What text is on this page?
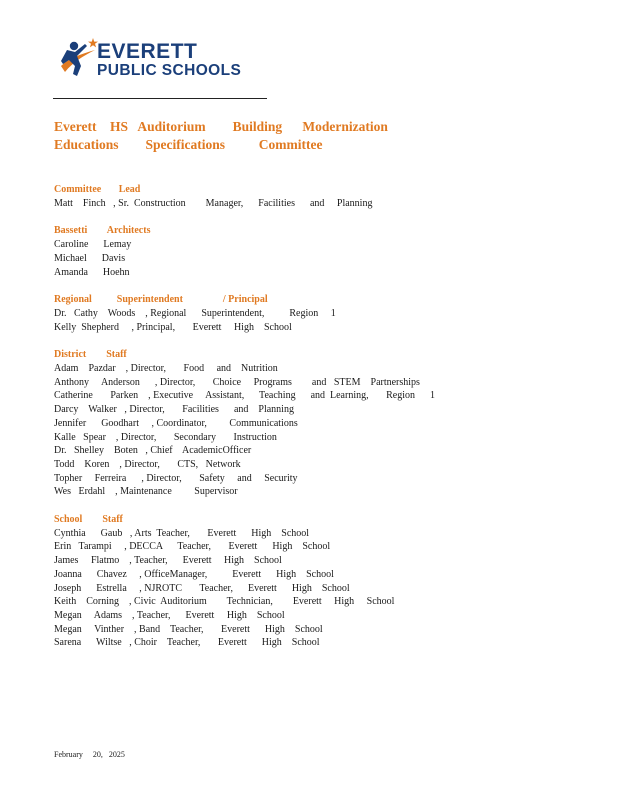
EVERETT
PUBLIC SCHOOLS
Everett    HS   Auditorium        Building      Modernization
Educations        Specifications          Committee
Committee       Lead
Matt    Finch   , Sr.  Construction        Manager,      Facilities      and     Planning
Bassetti        Architects
Caroline      Lemay
Michael      Davis
Amanda      Hoehn
Regional          Superintendent                / Principal
Dr.   Cathy    Woods    , Regional      Superintendent,          Region     1
Kelly  Shepherd     , Principal,       Everett     High    School
District        Staff
Adam    Pazdar    , Director,       Food     and    Nutrition
Anthony     Anderson      , Director,       Choice     Programs        and   STEM    Partnerships
Catherine       Parken    , Executive     Assistant,      Teaching      and  Learning,       Region      1
Darcy    Walker   , Director,       Facilities      and    Planning
Jennifer      Goodhart     , Coordinator,         Communications
Kalle   Spear    , Director,       Secondary       Instruction
Dr.   Shelley    Boten   , Chief    AcademicOfficer
Todd    Koren    , Director,       CTS,   Network
Topher     Ferreira      , Director,       Safety     and     Security
Wes   Erdahl    , Maintenance         Supervisor
School        Staff
Cynthia      Gaub   , Arts  Teacher,       Everett      High    School
Erin   Tarampi     , DECCA      Teacher,       Everett      High    School
James     Flatmo    , Teacher,      Everett     High    School
Joanna      Chavez     , OfficeManager,          Everett      High    School
Joseph      Estrella     , NJROTC       Teacher,      Everett      High    School
Keith    Corning    , Civic  Auditorium        Technician,        Everett     High     School
Megan     Adams    , Teacher,      Everett     High    School
Megan     Vinther    , Band    Teacher,       Everett      High    School
Sarena      Wiltse   , Choir    Teacher,       Everett      High    School
February     20,   2025
